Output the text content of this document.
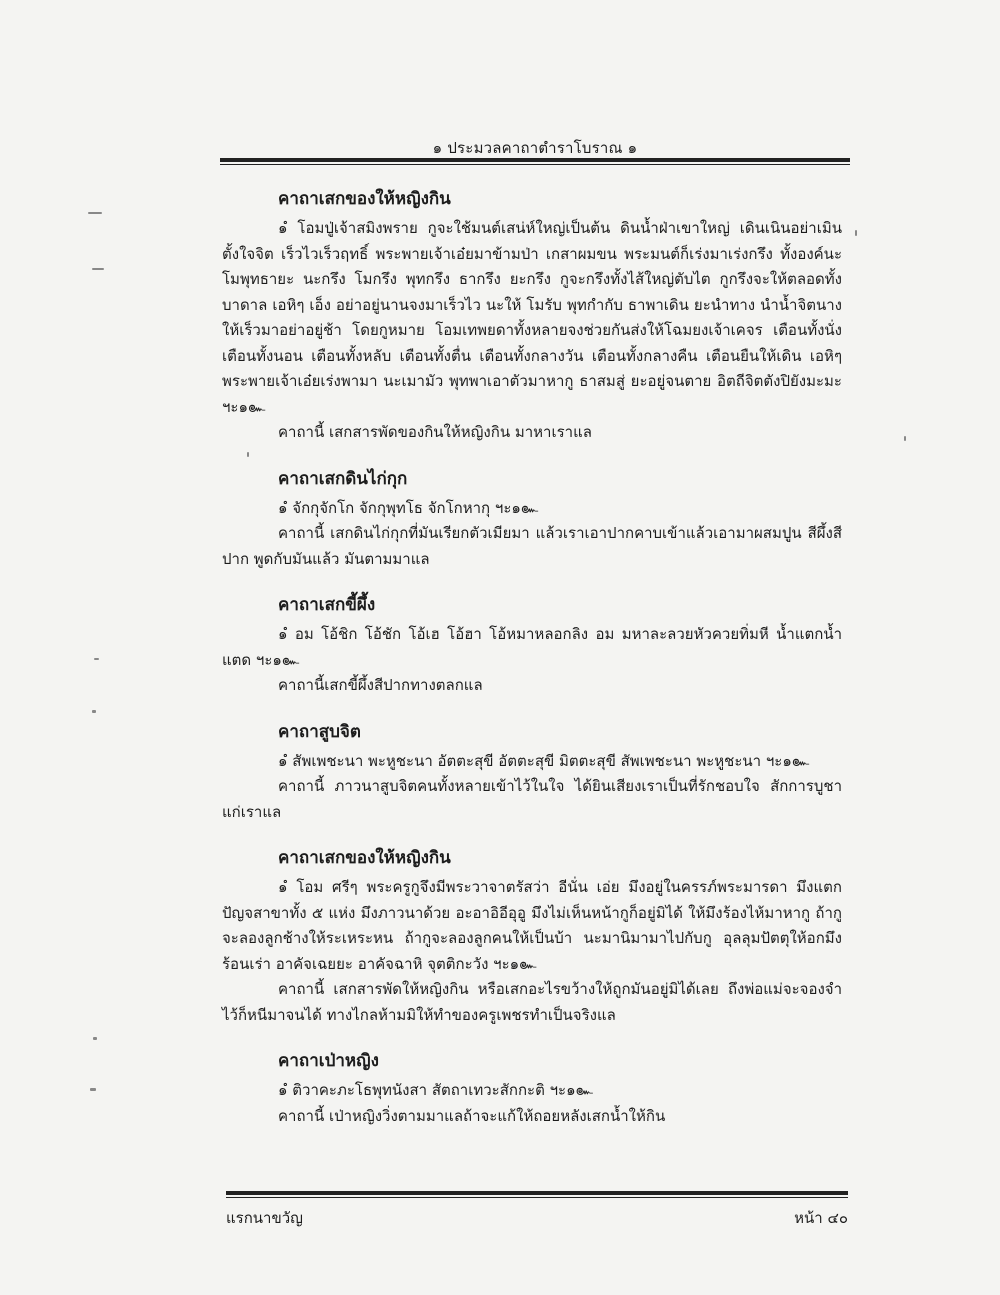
๑ ประมวลคาถาตำราโบราณ ๑
คาถาเสกของให้หญิงกิน

๑ํ โอมปู่เจ้าสมิงพราย กูจะใช้มนต์เสน่ห์ใหญ่เป็นต้น ดินน้ำฝ่าเขาใหญ่ เดินเนินอย่าเมินตั้งใจจิต เร็วไวเร็วฤทธิ์ พระพายเจ้าเอ๋ยมาข้ามป่า เกสาผมขน พระมนต์ก็เร่งมาเร่งกรึง ทั้งองค์นะโมพุทธายะ นะกรึง โมกรึง พุทกรึง ธากรึง ยะกรึง กูจะกรึงทั้งไส้ใหญ่ตับไต กูกรึงจะให้ตลอดทั้งบาดาล เอหิๆ เอ็ง อย่าอยู่นานจงมาเร็วไว นะให้ โมรับ พุทกำกับ ธาพาเดิน ยะนำทาง นำน้ำจิตนางให้เร็วมาอย่าอยู่ช้า โดยกูหมาย โอมเทพยดาทั้งหลายจงช่วยกันส่งให้โฉมยงเจ้าเคจร เตือนทั้งนั่ง เตือนทั้งนอน เตือนทั้งหลับ เตือนทั้งตื่น เตือนทั้งกลางวัน เตือนทั้งกลางคืน เตือนยืนให้เดิน เอหิๆ พระพายเจ้าเอ๋ยเร่งพามา นะเมามัว พุทพาเอาตัวมาหากู ธาสมสู่ ยะอยู่จนตาย อิตถีจิตตังปิยังมะมะ ฯะ๑๛

คาถานี้ เสกสารพัดของกินให้หญิงกิน มาหาเราแล

คาถาเสกดินไก่กุก

๑ํ จักกุจักโก จักกุพุทโธ จักโกหากุ ฯะ๑๛

คาถานี้ เสกดินไก่กุกที่มันเรียกตัวเมียมา แล้วเราเอาปากคาบเข้าแล้วเอามาผสมปูน สีผึ้งสีปาก พูดกับมันแล้ว มันตามมาแล

คาถาเสกขี้ผึ้ง

๑ํ อม โอ้ชิก โอ้ชัก โอ้เฮ โอ้ฮา โอ้หมาหลอกลิง อม มหาละลวยหัวควยทิ่มหี น้ำแตกน้ำแตด ฯะ๑๛

คาถานี้เสกขี้ผึ้งสีปากทางตลกแล

คาถาสูบจิต

๑ํ สัพเพชะนา พะหูชะนา อัตตะสุขี อัตตะสุขี มิตตะสุขี สัพเพชะนา พะหูชะนา ฯะ๑๛

คาถานี้ ภาวนาสูบจิตคนทั้งหลายเข้าไว้ในใจ ได้ยินเสียงเราเป็นที่รักชอบใจ สักการบูชาแก่เราแล

คาถาเสกของให้หญิงกิน

๑ํ โอม ศรีๆ พระครูกูจึงมีพระวาจาตรัสว่า อีนั่น เอ่ย มึงอยู่ในครรภ์พระมารดา มึงแตกปัญจสาขาทั้ง ๕ แห่ง มึงภาวนาด้วย อะอาอิอีอุอู มึงไม่เห็นหน้ากูก็อยู่มิได้ ให้มึงร้องไห้มาหากู ถ้ากูจะลองลูกช้างให้ระเหระหน ถ้ากูจะลองลูกคนให้เป็นบ้า นะมานิมามาไปกับกู อุลลุมปัตตุให้อกมึงร้อนเร่า อาคัจเฉยยะ อาคัจฉาหิ จุตติกะวัง ฯะ๑๛

คาถานี้ เสกสารพัดให้หญิงกิน หรือเสกอะไรขว้างให้ถูกมันอยู่มิได้เลย ถึงพ่อแม่จะจองจำไว้ก็หนีมาจนได้ ทางไกลห้ามมิให้ทำของครูเพชรทำเป็นจริงแล

คาถาเป่าหญิง

๑ํ ติวาคะภะโธพุทนังสา สัตถาเทวะสักกะติ ฯะ๑๛

คาถานี้ เป่าหญิงวิ่งตามมาแลถ้าจะแก้ให้ถอยหลังเสกน้ำให้กิน

แรกนาขวัญ	หน้า ๔๐
